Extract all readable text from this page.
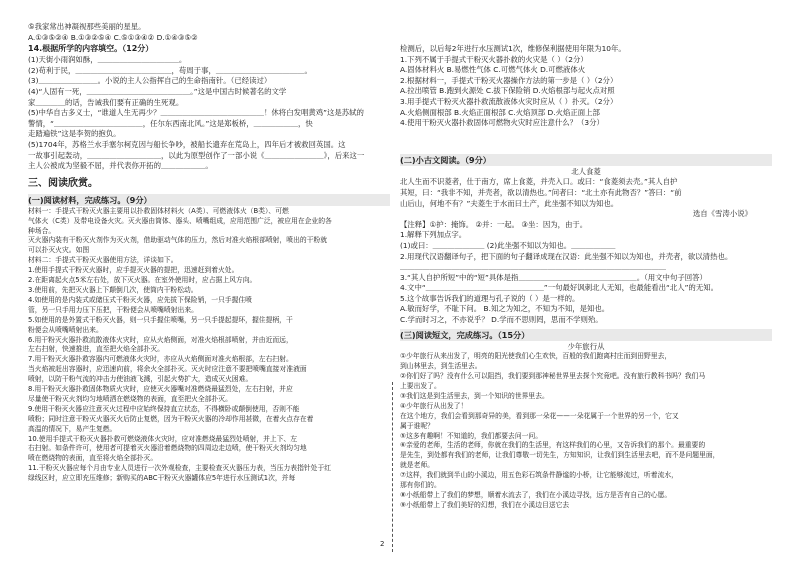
⑤我家常出神凝视那些美丽的星星。
A.①③⑤②④ B.①③②⑤④ C.⑤①③④② D.①④③⑤②
14.根据所学的内容填空。（12分）
(1)天街小雨润如酥，＿＿＿＿＿＿＿＿＿＿＿。
(2)苟利于民，＿＿＿＿＿＿＿＿＿＿＿＿＿，苟周于事，＿＿＿＿＿＿＿＿＿＿＿＿。
(3)＿＿＿＿＿＿＿＿。小说的主人公指挥自己的生命指南针。（已经读过）
(4)“人固有一死，＿＿＿＿＿＿＿＿＿＿＿＿＿＿。”这是中国古时候著名的文学
家＿＿＿＿的话，告诫我们要有正确的生死观。
(5)中华自古多义士，“谁道人生无再少？＿＿＿＿＿＿＿＿＿＿＿＿＿＿！休将白发唱黄鸡”这是苏轼的
警情，“＿＿＿＿＿＿＿＿＿＿＿＿，任尔东西南北风。”这是郑板桥，＿＿＿＿＿＿，快
走踏遍铁”这是李贺的抱负。
(5)1704年，苏格兰水手塞尔柯克因与船长争吵，被船长遗弃在荒岛上，四年后才被救回英国。这
一故事引起轰动，＿＿＿＿＿＿＿＿＿＿，以此为原型创作了一部小说《＿＿＿＿＿＿＿＿》，后来这一
主人公被成为坚毅不屈，并代表你开拓的＿＿＿＿＿＿。
三、阅读欣赏。
(一)阅读材料，完成练习。（9分）
材料一：手提式干粉灭火器主要用以扑救固体材料火（A类）、可燃液体火（B类）、可燃
气体火（C类）及带电设备火灾。灭火器由筒体、器头、喷嘴组成，应用范围广泛，被应用在企业的各
种场合。
灭火器内装有干粉灭火剂作为灭火剂，借助驱动气体的压力，然后对准火焰根部喷射，喷出的干粉就
可以扑灭火灾。如图
材料二：手提式干粉灭火器使用方法，详谈如下。
1.使用手提式干粉灭火器时，应手提灭火器的提把，迅速赶到着火处。
2.在距离起火点5米左右处，放下灭火器。在室外使用时，应占据上风方向。
3.使用前，先把灭火器上下颠倒几次，使筒内干粉松动。
4.如使用的是内装式或储压式干粉灭火器，应先拔下保险销，一只手握住喷
管，另一只手用力压下压把，干粉便会从喷嘴喷射出来。
5.如使用的是外置式干粉灭火器，则一只手握住喷嘴，另一只手提起提环，握住提柄，干
粉便会从喷嘴喷射出来。
6.用干粉灭火器扑救流散液体火灾时，应从火焰侧面，对准火焰根部喷射，并由近而远，
左右扫射，快速推进，直至把火焰全部扑灭。
7.用干粉灭火器扑救容器内可燃液体火灾时，亦应从火焰侧面对准火焰根部，左右扫射。
当火焰被赶出容器时，应迅速向前，将余火全部扑灭。灭火时应注意不要把喷嘴直接对准液面
喷射，以防干粉气流的冲击力使油液飞溅，引起火势扩大，造成灭火困难。
8.用干粉灭火器扑救固体物质火灾时，应使灭火器嘴对准燃烧最猛烈处，左右扫射，并应
尽量使干粉灭火剂均匀地喷洒在燃烧物的表面，直至把火全部扑灭。
9.使用干粉灭火器应注意灭火过程中应始终保持直立状态，不得横卧或颠倒使用，否则不能
喷粉；同时注意干粉灭火器灭火后防止复燃，因为干粉灭火器的冷却作用甚微，在着火点存在着
高温的情况下，易产生复燃。
10.使用手提式干粉灭火器扑救可燃烧液体火灾时，应对准燃烧最猛烈处喷射，并上下、左
右扫射。如条件许可，使用者可提着灭火器沿着燃烧物的四周边走边喷，使干粉灭火剂均匀地
喷在燃烧物的表面，直至将火焰全部扑灭。
11.干粉灭火器应每个月由专业人员进行一次外观检查，主要检查灭火器压力表，当压力表指针处于红
绿线区时，应立即充压维修；新购买的ABC干粉灭火器罐体应5年进行水压测试1次，并每
检测后，以后每2年进行水压测试1次，维修保利据使用年限为10年。
1.下列不属于手提式干粉灭火器扑救的火灾是（ ）（2分）
A.固体材料火 B.易燃性气体 C.可燃气体火 D.可燃液体火
2.根据材料一，手提式干粉灭火器操作方法的第一步是（ ）（2分）
A.拉出喷管 B.跑到火源处 C.拔下保险销 D.火焰根部与起火点对照
3.用手提式干粉灭火器扑救流散液体火灾时应从（ ）扑灭。（2分）
A.火焰侧面根部 B.火焰正面根部 C.火焰顶部 D.火焰正面上部
4.使用干粉灭火器扑救固体可燃物火灾时应注意什么？（3分）
(二)小古文阅读。（9分）
北人食菱
北人生而不识菱者，仕于南方，席上食菱，并壳入口。或曰：“食菱须去壳。”其人自护
其短，曰：“我非不知，并壳者，欲以清热也。”问者曰：“北土亦有此物否？”答曰：“前
山后山，何地不有？”夫菱生于水而曰土产，此坐强不知以为知也。
选自《雪涛小说》
【注释】①护：掩饰。 ②并：一起。 ③坐：因为，由于。
1.解释下列加点字。
(1)或曰：＿＿＿＿＿＿＿ (2)此坐强不知以为知也。＿＿＿＿＿＿
2.用现代汉语翻译句子，把下面的句子翻译成现在汉语：此坐强不知以为知也，并壳者，欲以清热也。
＿＿＿＿＿＿＿＿＿＿＿＿＿＿＿＿＿＿＿＿＿＿＿＿＿＿＿＿＿＿＿＿＿＿＿＿
3.“其人自护所短”中的“短”具体是指＿＿＿＿＿＿＿＿＿＿＿＿＿＿＿＿。（用文中句子回答）
4.文中“＿＿＿＿＿＿＿＿＿＿＿＿＿＿＿＿”一句最好讽刺北人无知，也最能看出“北人”的无知。
5.这个故事告诉我们的道理与孔子说的（ ）是一样的。
A.敏而好学，不耻下问。 B.知之为知之，不知为不知，是知也。
C.学而时习之，不亦说乎？ D.学而不思则罔，思而不学则殆。
(三)阅读短文，完成练习。（15分）
少年旅行从
①少年旅行从来出发了，明亮的阳光使我们心生欢快，百般的我们跑离村庄而到田野里去，
到山林里去，到生活里去。
②你们好了吗？没有什么可以阻挡，我们要到那神秘世界里去探个究竟吧。没有旅行教科书吗？我们马
上要出发了。
③我们这是到生活里去，到一个知识的世界里去。
④少年旅行从出发了！
在这个地方，我们会看到那奇异的美，看到那一朵花——一朵花属于一个世界的另一个，它又
属于谁呢？
⑤这多有趣啊！不知道的，我们都要去问一问。
⑥亲爱的老师，生活的老师，你就在我们的生活里，有这样我们的心里，又告诉我们的那个。最重要的
是先生，到处都有我们的老师，让我们尊敬一切先生，方知知识，让我们到生活里去吧，而不是问题里面，
就是老师。
⑦这样，我们就到半山的小溪边，用五色彩石筑条件静谧的小桥，让它能够流过，听着流水，
那有你们的。
⑧小纸船带上了我们的梦想，顺着水流去了，我们在小溪边寻找，远方是否有自己的心愿。
⑨小纸船带上了我们美好的幻想，我们在小溪边目送它去
2
